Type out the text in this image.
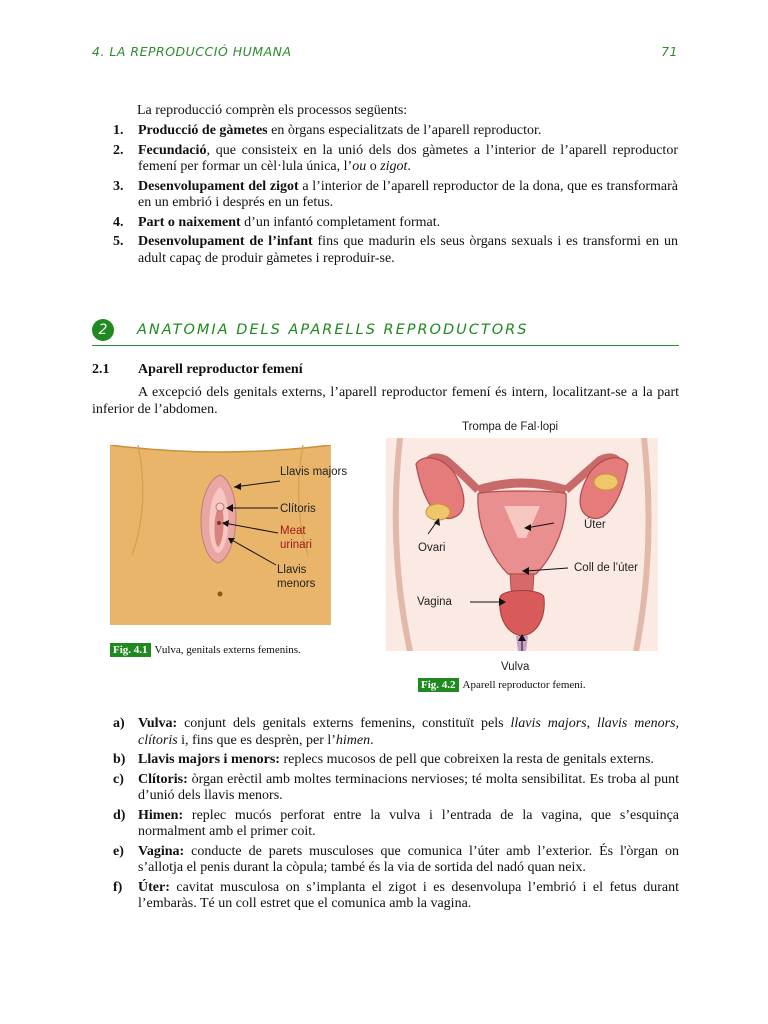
4. LA REPRODUCCIÓ HUMANA	71
La reproducció comprèn els processos següents:
1. Producció de gàmetes en òrgans especialitzats de l’aparell reproductor.
2. Fecundació, que consisteix en la unió dels dos gàmetes a l’interior de l’aparell reproductor femení per formar un cèl·lula única, l’ou o zigot.
3. Desenvolupament del zigot a l’interior de l’aparell reproductor de la dona, que es transformarà en un embrió i després en un fetus.
4. Part o naixement d’un infantó completament format.
5. Desenvolupament de l’infant fins que madurin els seus òrgans sexuals i es transformi en un adult capaç de produir gàmetes i reproduir-se.
2	ANATOMIA DELS APARELLS REPRODUCTORS
2.1 Aparell reproductor femení
A excepció dels genitals externs, l’aparell reproductor femení és intern, localitzant-se a la part inferior de l’abdomen.
Llavis majors
Clítoris
Meat urinari
Llavis menors
Fig. 4.1 Vulva, genitals externs femenins.
Trompa de Fal·lopi
Úter
Ovari
Coll de l’úter
Vagina
Vulva
Fig. 4.2 Aparell reproductor femení.
a) Vulva: conjunt dels genitals externs femenins, constituït pels llavis majors, llavis menors, clítoris i, fins que es desprèn, per l’himen.
b) Llavis majors i menors: replecs mucosos de pell que cobreixen la resta de genitals externs.
c) Clítoris: òrgan erèctil amb moltes terminacions nervioses; té molta sensibilitat. Es troba al punt d’unió dels llavis menors.
d) Himen: replec mucós perforat entre la vulva i l’entrada de la vagina, que s’esquinça normalment amb el primer coit.
e) Vagina: conducte de parets musculoses que comunica l’úter amb l’exterior. És l'òrgan on s’allotja el penis durant la còpula; també és la via de sortida del nadó quan neix.
f) Úter: cavitat musculosa on s’implanta el zigot i es desenvolupa l’embrió i el fetus durant l’embaràs. Té un coll estret que el comunica amb la vagina.
